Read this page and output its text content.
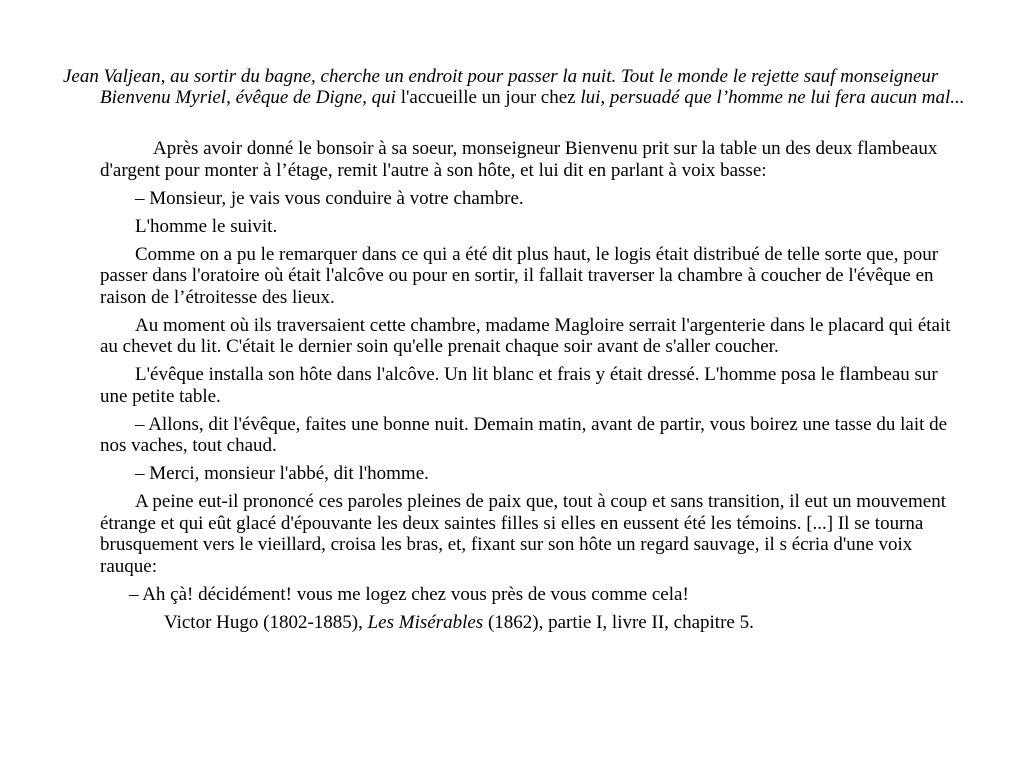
Jean Valjean, au sortir du bagne, cherche un endroit pour passer la nuit. Tout le monde le rejette sauf monseigneur Bienvenu Myriel, évêque de Digne, qui l'accueille un jour chez lui, persuadé que l’homme ne lui fera aucun mal...

Après avoir donné le bonsoir à sa soeur, monseigneur Bienvenu prit sur la table un des deux flambeaux d'argent pour monter à l’étage, remit l'autre à son hôte, et lui dit en parlant à voix basse:

– Monsieur, je vais vous conduire à votre chambre.

L'homme le suivit.

Comme on a pu le remarquer dans ce qui a été dit plus haut, le logis était distribué de telle sorte que, pour passer dans l'oratoire où était l'alcôve ou pour en sortir, il fallait traverser la chambre à coucher de l'évêque en raison de l’étroitesse des lieux.

Au moment où ils traversaient cette chambre, madame Magloire serrait l'argenterie dans le placard qui était au chevet du lit. C'était le dernier soin qu'elle prenait chaque soir avant de s'aller coucher.

L'évêque installa son hôte dans l'alcôve. Un lit blanc et frais y était dressé. L'homme posa le flambeau sur une petite table.

– Allons, dit l'évêque, faites une bonne nuit. Demain matin, avant de partir, vous boirez une tasse du lait de nos vaches, tout chaud.

– Merci, monsieur l'abbé, dit l'homme.

A peine eut-il prononcé ces paroles pleines de paix que, tout à coup et sans transition, il eut un mouvement étrange et qui eût glacé d'épouvante les deux saintes filles si elles en eussent été les témoins. [...] Il se tourna brusquement vers le vieillard, croisa les bras, et, fixant sur son hôte un regard sauvage, il s écria d'une voix rauque:

– Ah çà! décidément! vous me logez chez vous près de vous comme cela!

Victor Hugo (1802-1885), Les Misérables (1862), partie I, livre II, chapitre 5.
